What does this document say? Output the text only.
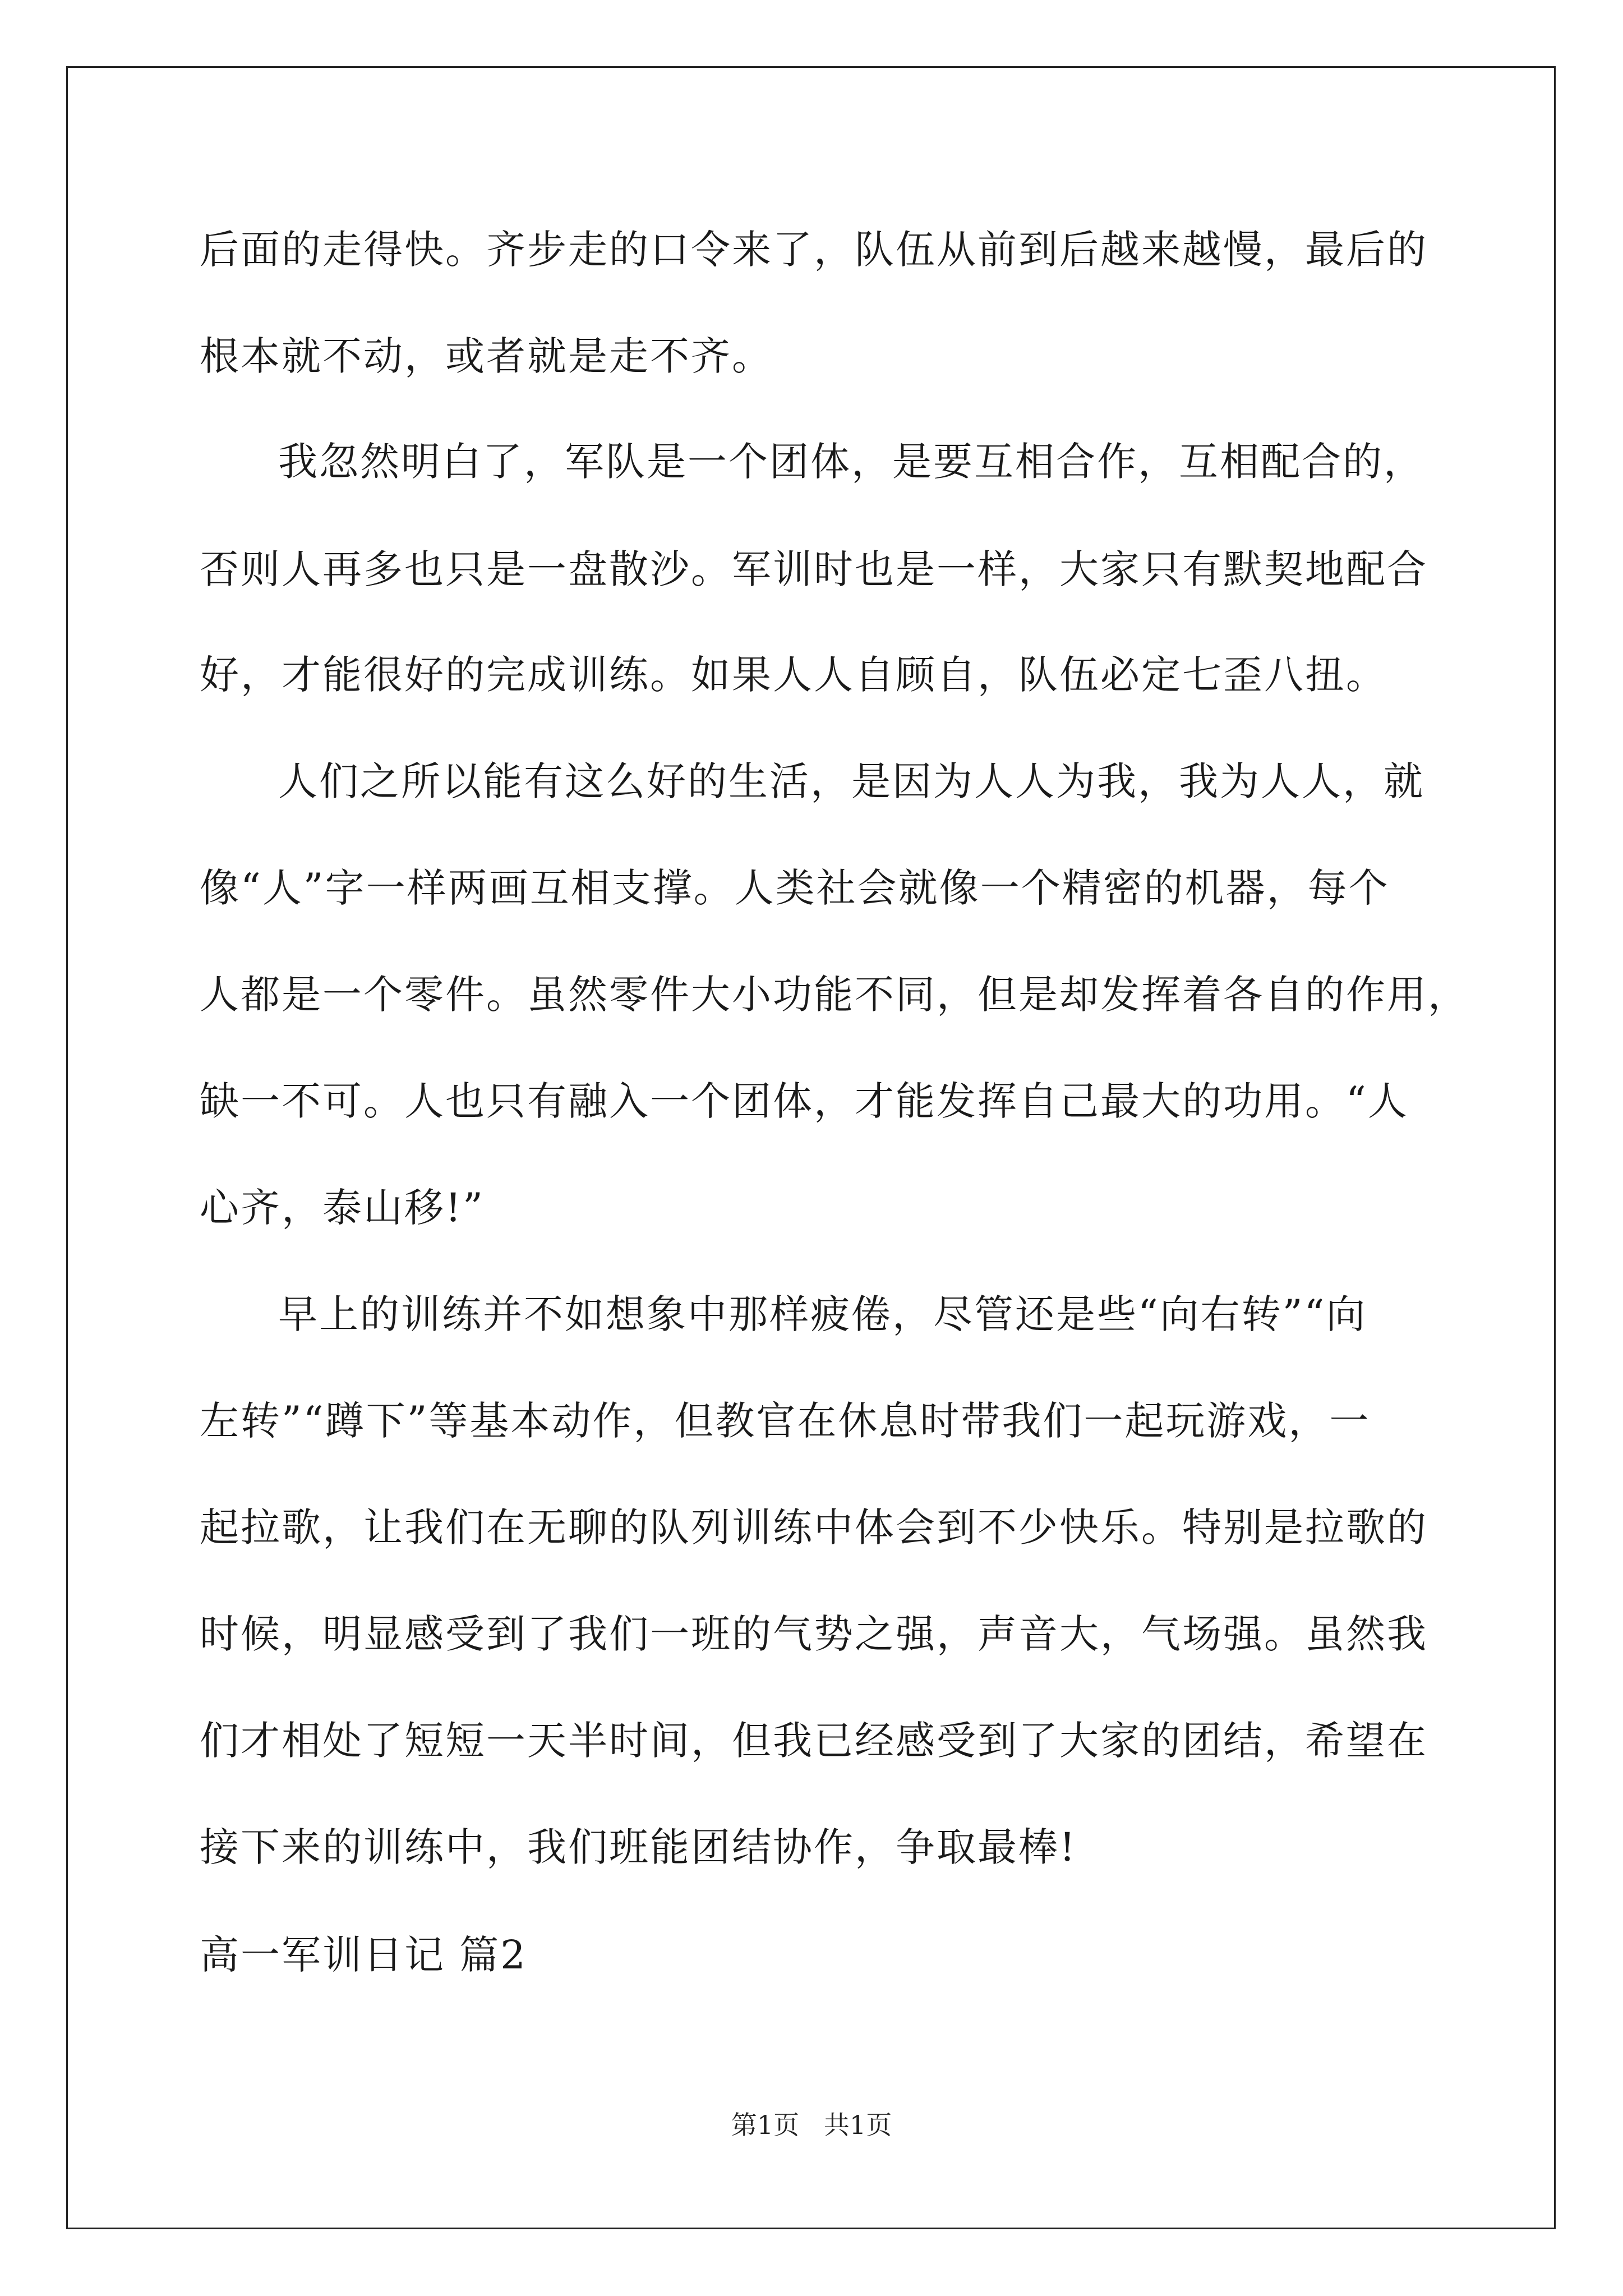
后面的走得快。齐步走的口令来了，队伍从前到后越来越慢，最后的
根本就不动，或者就是走不齐。
我忽然明白了，军队是一个团体，是要互相合作，互相配合的，
否则人再多也只是一盘散沙。军训时也是一样，大家只有默契地配合
好，才能很好的完成训练。如果人人自顾自，队伍必定七歪八扭。
人们之所以能有这么好的生活，是因为人人为我，我为人人，就
像“人”字一样两画互相支撑。人类社会就像一个精密的机器，每个
人都是一个零件。虽然零件大小功能不同，但是却发挥着各自的作用，
缺一不可。人也只有融入一个团体，才能发挥自己最大的功用。“人
心齐，泰山移!”
早上的训练并不如想象中那样疲倦，尽管还是些“向右转”“向
左转”“蹲下”等基本动作，但教官在休息时带我们一起玩游戏，一
起拉歌，让我们在无聊的队列训练中体会到不少快乐。特别是拉歌的
时候，明显感受到了我们一班的气势之强，声音大，气场强。虽然我
们才相处了短短一天半时间，但我已经感受到了大家的团结，希望在
接下来的训练中，我们班能团结协作，争取最棒!
高一军训日记 篇2
第1页   共1页
